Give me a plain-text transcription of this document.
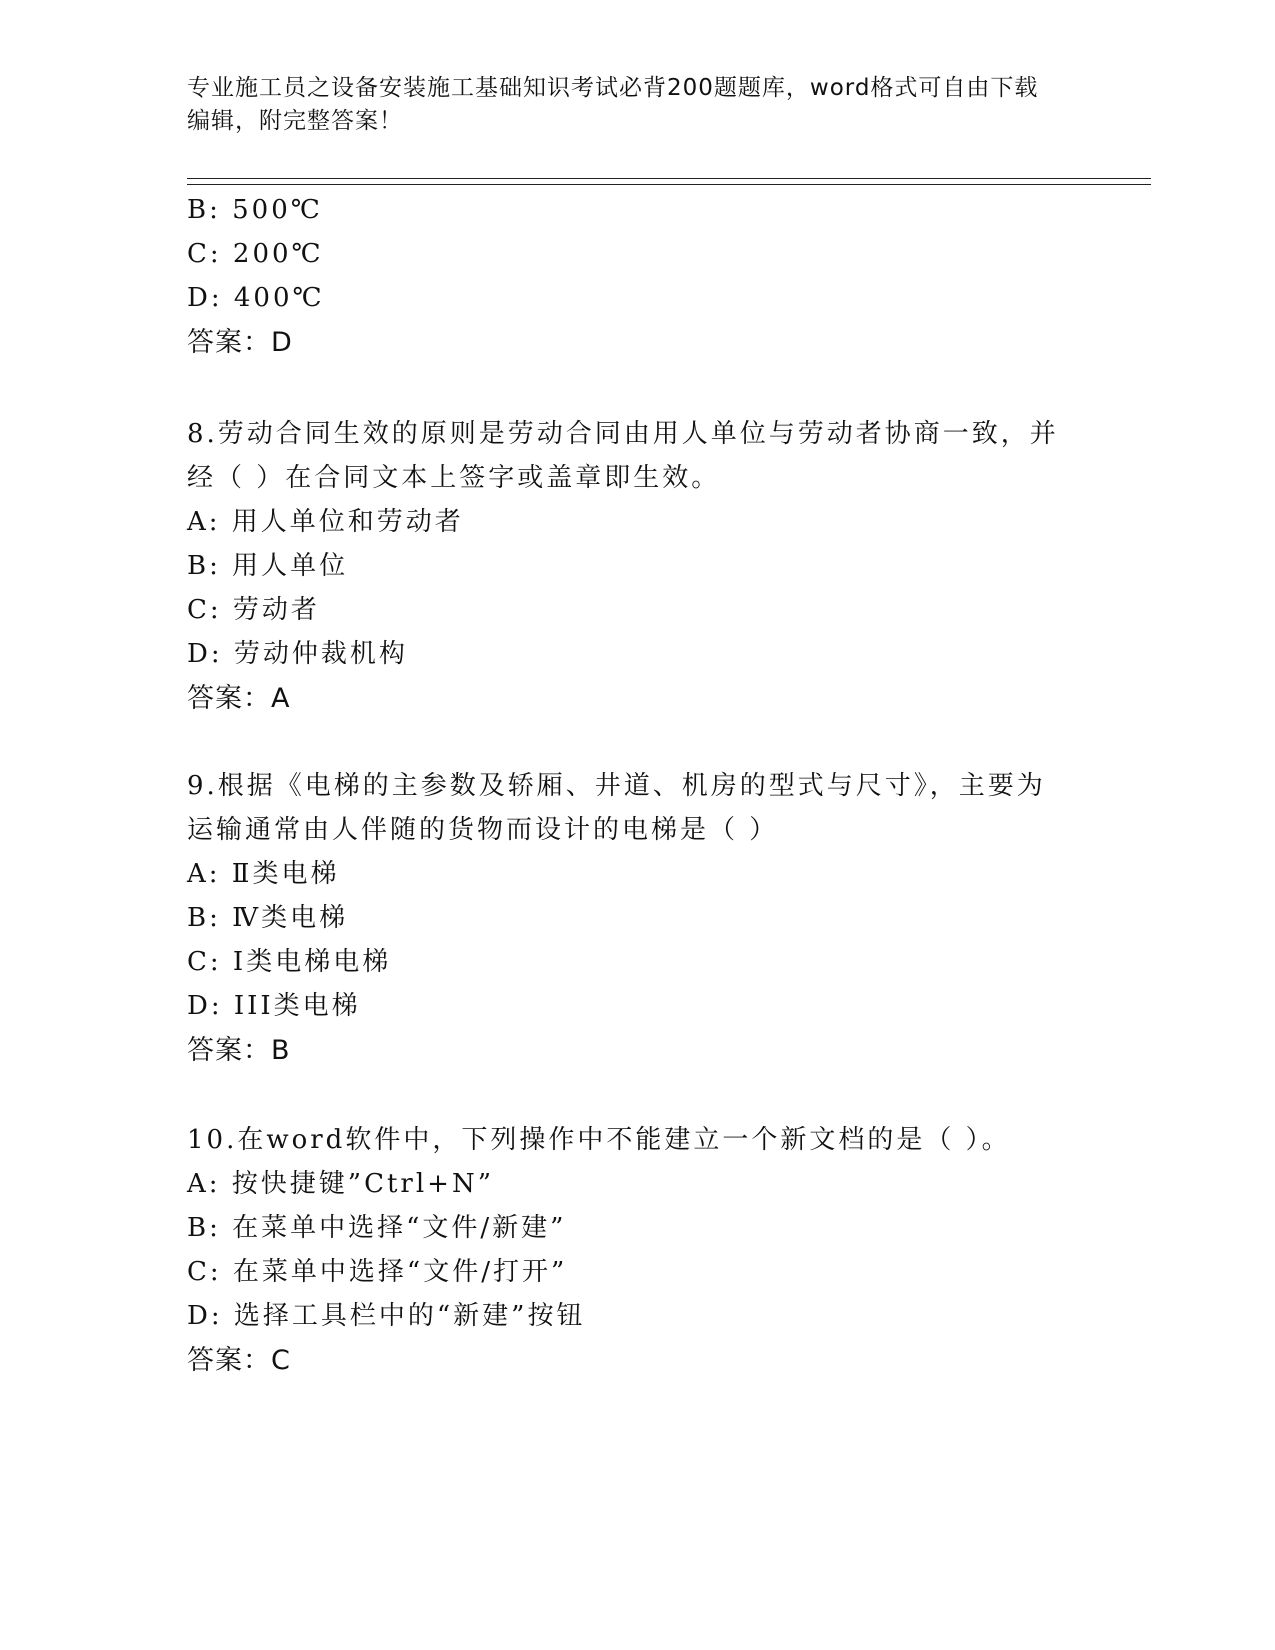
专业施工员之设备安装施工基础知识考试必背200题题库，word格式可自由下载
编辑，附完整答案！
B: 500℃
C: 200℃
D: 400℃
答案：D
8.劳动合同生效的原则是劳动合同由用人单位与劳动者协商一致，并
经（ ）在合同文本上签字或盖章即生效。
A: 用人单位和劳动者
B: 用人单位
C: 劳动者
D: 劳动仲裁机构
答案：A
9.根据《电梯的主参数及轿厢、井道、机房的型式与尺寸》，主要为
运输通常由人伴随的货物而设计的电梯是（ ）
A: Ⅱ类电梯
B: Ⅳ类电梯
C: Ⅰ类电梯电梯
D: III类电梯
答案：B
10.在word软件中，下列操作中不能建立一个新文档的是（ ）。
A: 按快捷键”Ctrl+N”
B: 在菜单中选择“文件/新建”
C: 在菜单中选择“文件/打开”
D: 选择工具栏中的“新建”按钮
答案：C
